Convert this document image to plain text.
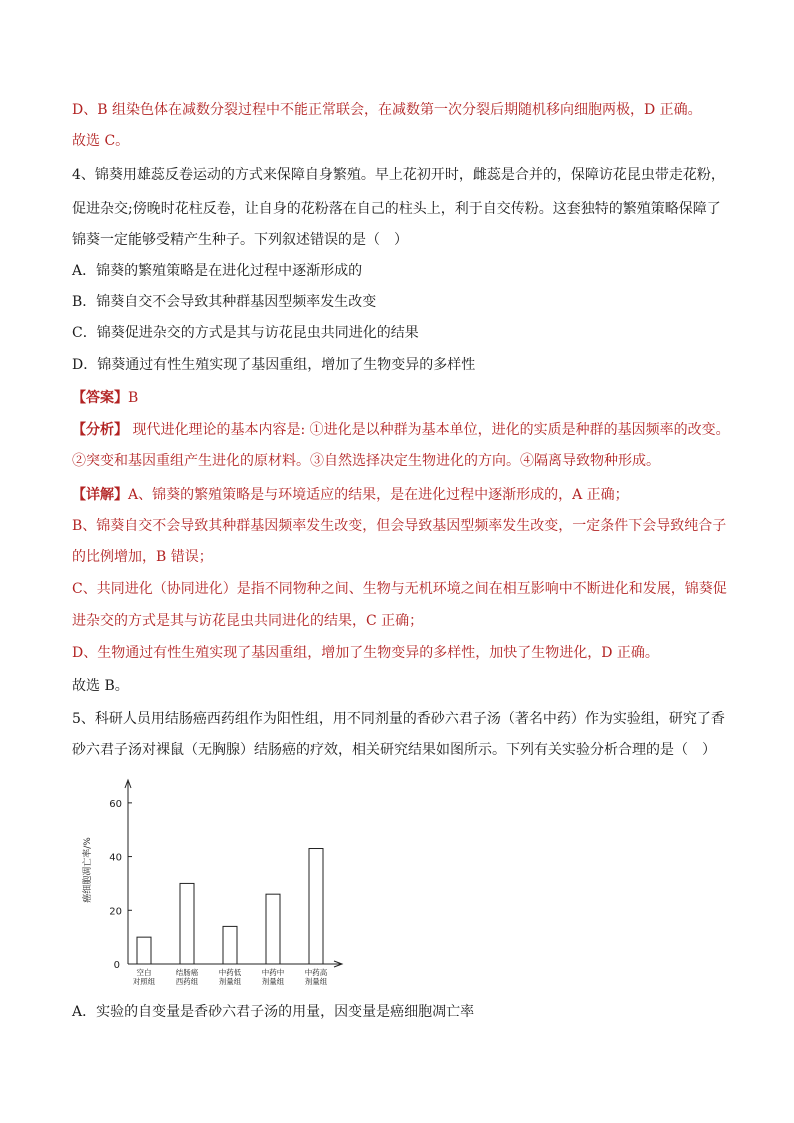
D、B 组染色体在减数分裂过程中不能正常联会，在减数第一次分裂后期随机移向细胞两极，D 正确。
故选 C。
4、锦葵用雄蕊反卷运动的方式来保障自身繁殖。早上花初开时，雌蕊是合并的，保障访花昆虫带走花粉，
促进杂交;傍晚时花柱反卷，让自身的花粉落在自己的柱头上，利于自交传粉。这套独特的繁殖策略保障了
锦葵一定能够受精产生种子。下列叙述错误的是（　）
A．锦葵的繁殖策略是在进化过程中逐渐形成的
B．锦葵自交不会导致其种群基因型频率发生改变
C．锦葵促进杂交的方式是其与访花昆虫共同进化的结果
D．锦葵通过有性生殖实现了基因重组，增加了生物变异的多样性
【答案】B
【分析】 现代进化理论的基本内容是: ①进化是以种群为基本单位，进化的实质是种群的基因频率的改变。
②突变和基因重组产生进化的原材料。③自然选择决定生物进化的方向。④隔离导致物种形成。
【详解】A、锦葵的繁殖策略是与环境适应的结果，是在进化过程中逐渐形成的，A 正确；
B、锦葵自交不会导致其种群基因频率发生改变，但会导致基因型频率发生改变，一定条件下会导致纯合子
的比例增加，B 错误；
C、共同进化（协同进化）是指不同物种之间、生物与无机环境之间在相互影响中不断进化和发展，锦葵促
进杂交的方式是其与访花昆虫共同进化的结果，C 正确；
D、生物通过有性生殖实现了基因重组，增加了生物变异的多样性，加快了生物进化，D 正确。
故选 B。
5、科研人员用结肠癌西药组作为阳性组，用不同剂量的香砂六君子汤（著名中药）作为实验组，研究了香
砂六君子汤对裸鼠（无胸腺）结肠癌的疗效，相关研究结果如图所示。下列有关实验分析合理的是（　）
0
20
40
60
癌细胞凋亡率/%
空白
对照组
结肠癌
西药组
中药低
剂量组
中药中
剂量组
中药高
剂量组
A．实验的自变量是香砂六君子汤的用量，因变量是癌细胞凋亡率
